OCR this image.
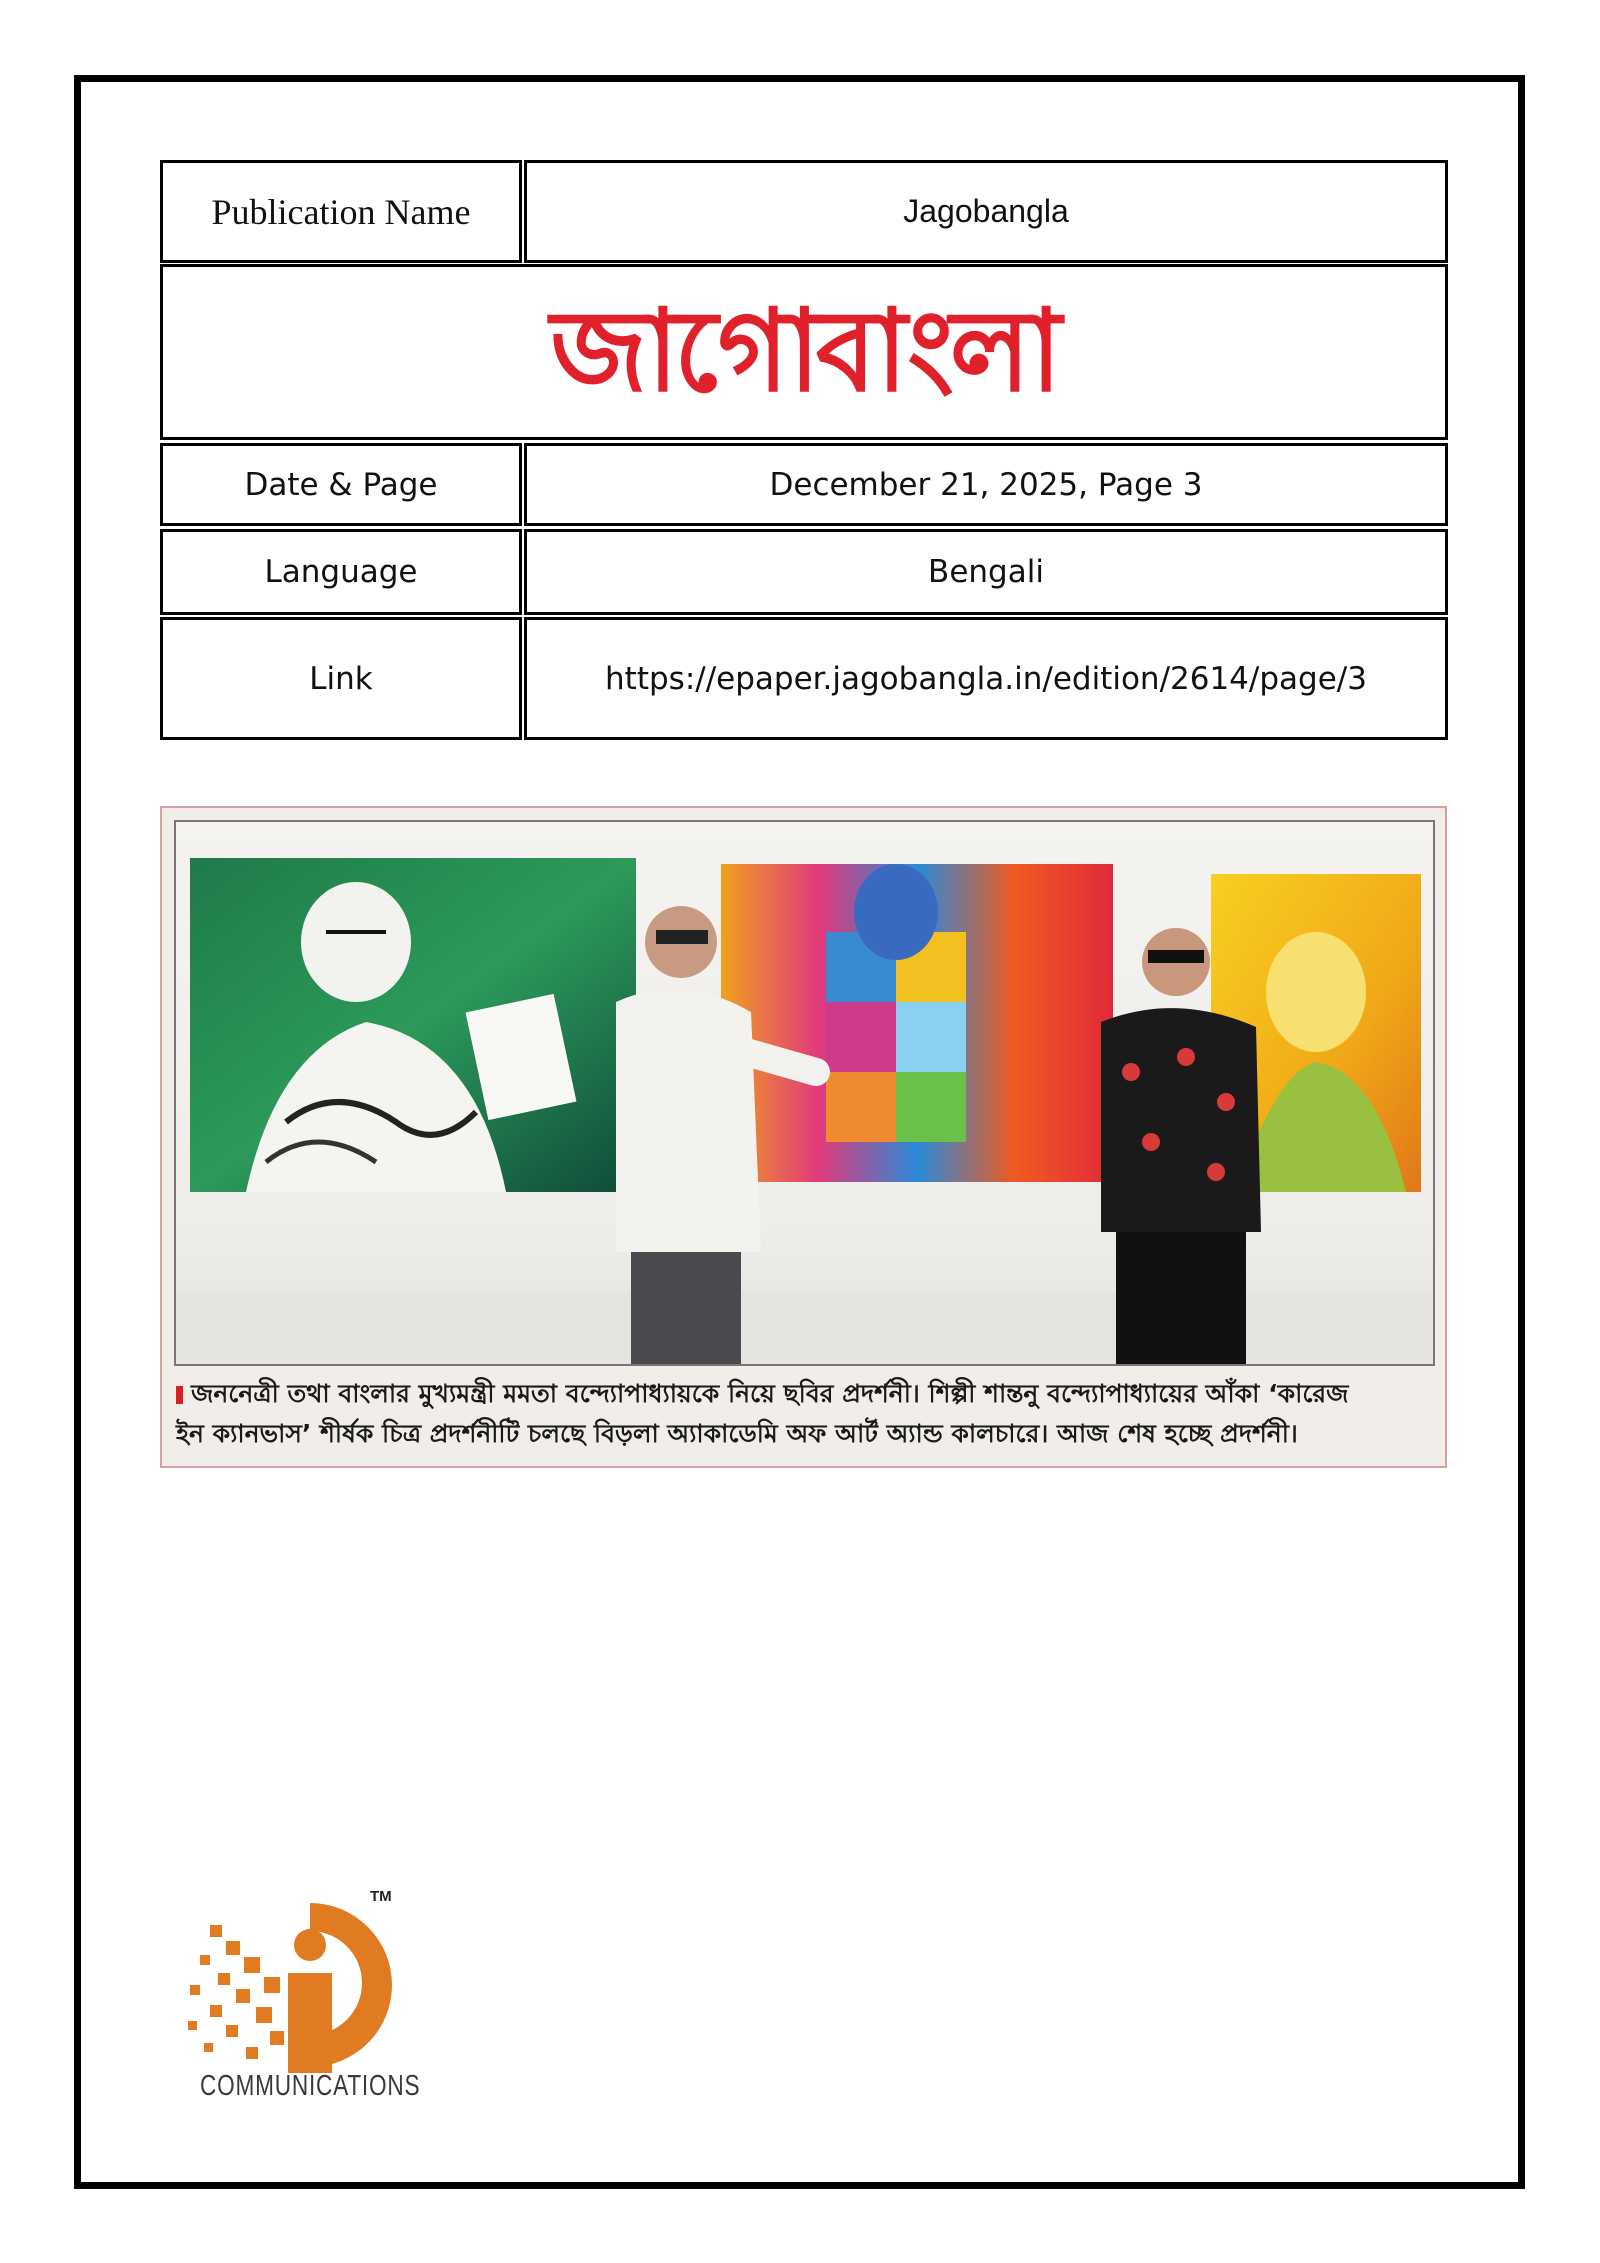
Publication Name	Jagobangla
জাগোবাংলা
Date & Page	December 21, 2025, Page 3
Language	Bengali
Link	https://epaper.jagobangla.in/edition/2614/page/3
জননেত্রী তথা বাংলার মুখ্যমন্ত্রী মমতা বন্দ্যোপাধ্যায়কে নিয়ে ছবির প্রদর্শনী। শিল্পী শান্তনু বন্দ্যোপাধ্যায়ের আঁকা ‘কারেজ
ইন ক্যানভাস’ শীর্ষক চিত্র প্রদর্শনীটি চলছে বিড়লা অ্যাকাডেমি অফ আর্ট অ্যান্ড কালচারে। আজ শেষ হচ্ছে প্রদর্শনী।
TM
COMMUNICATIONS
